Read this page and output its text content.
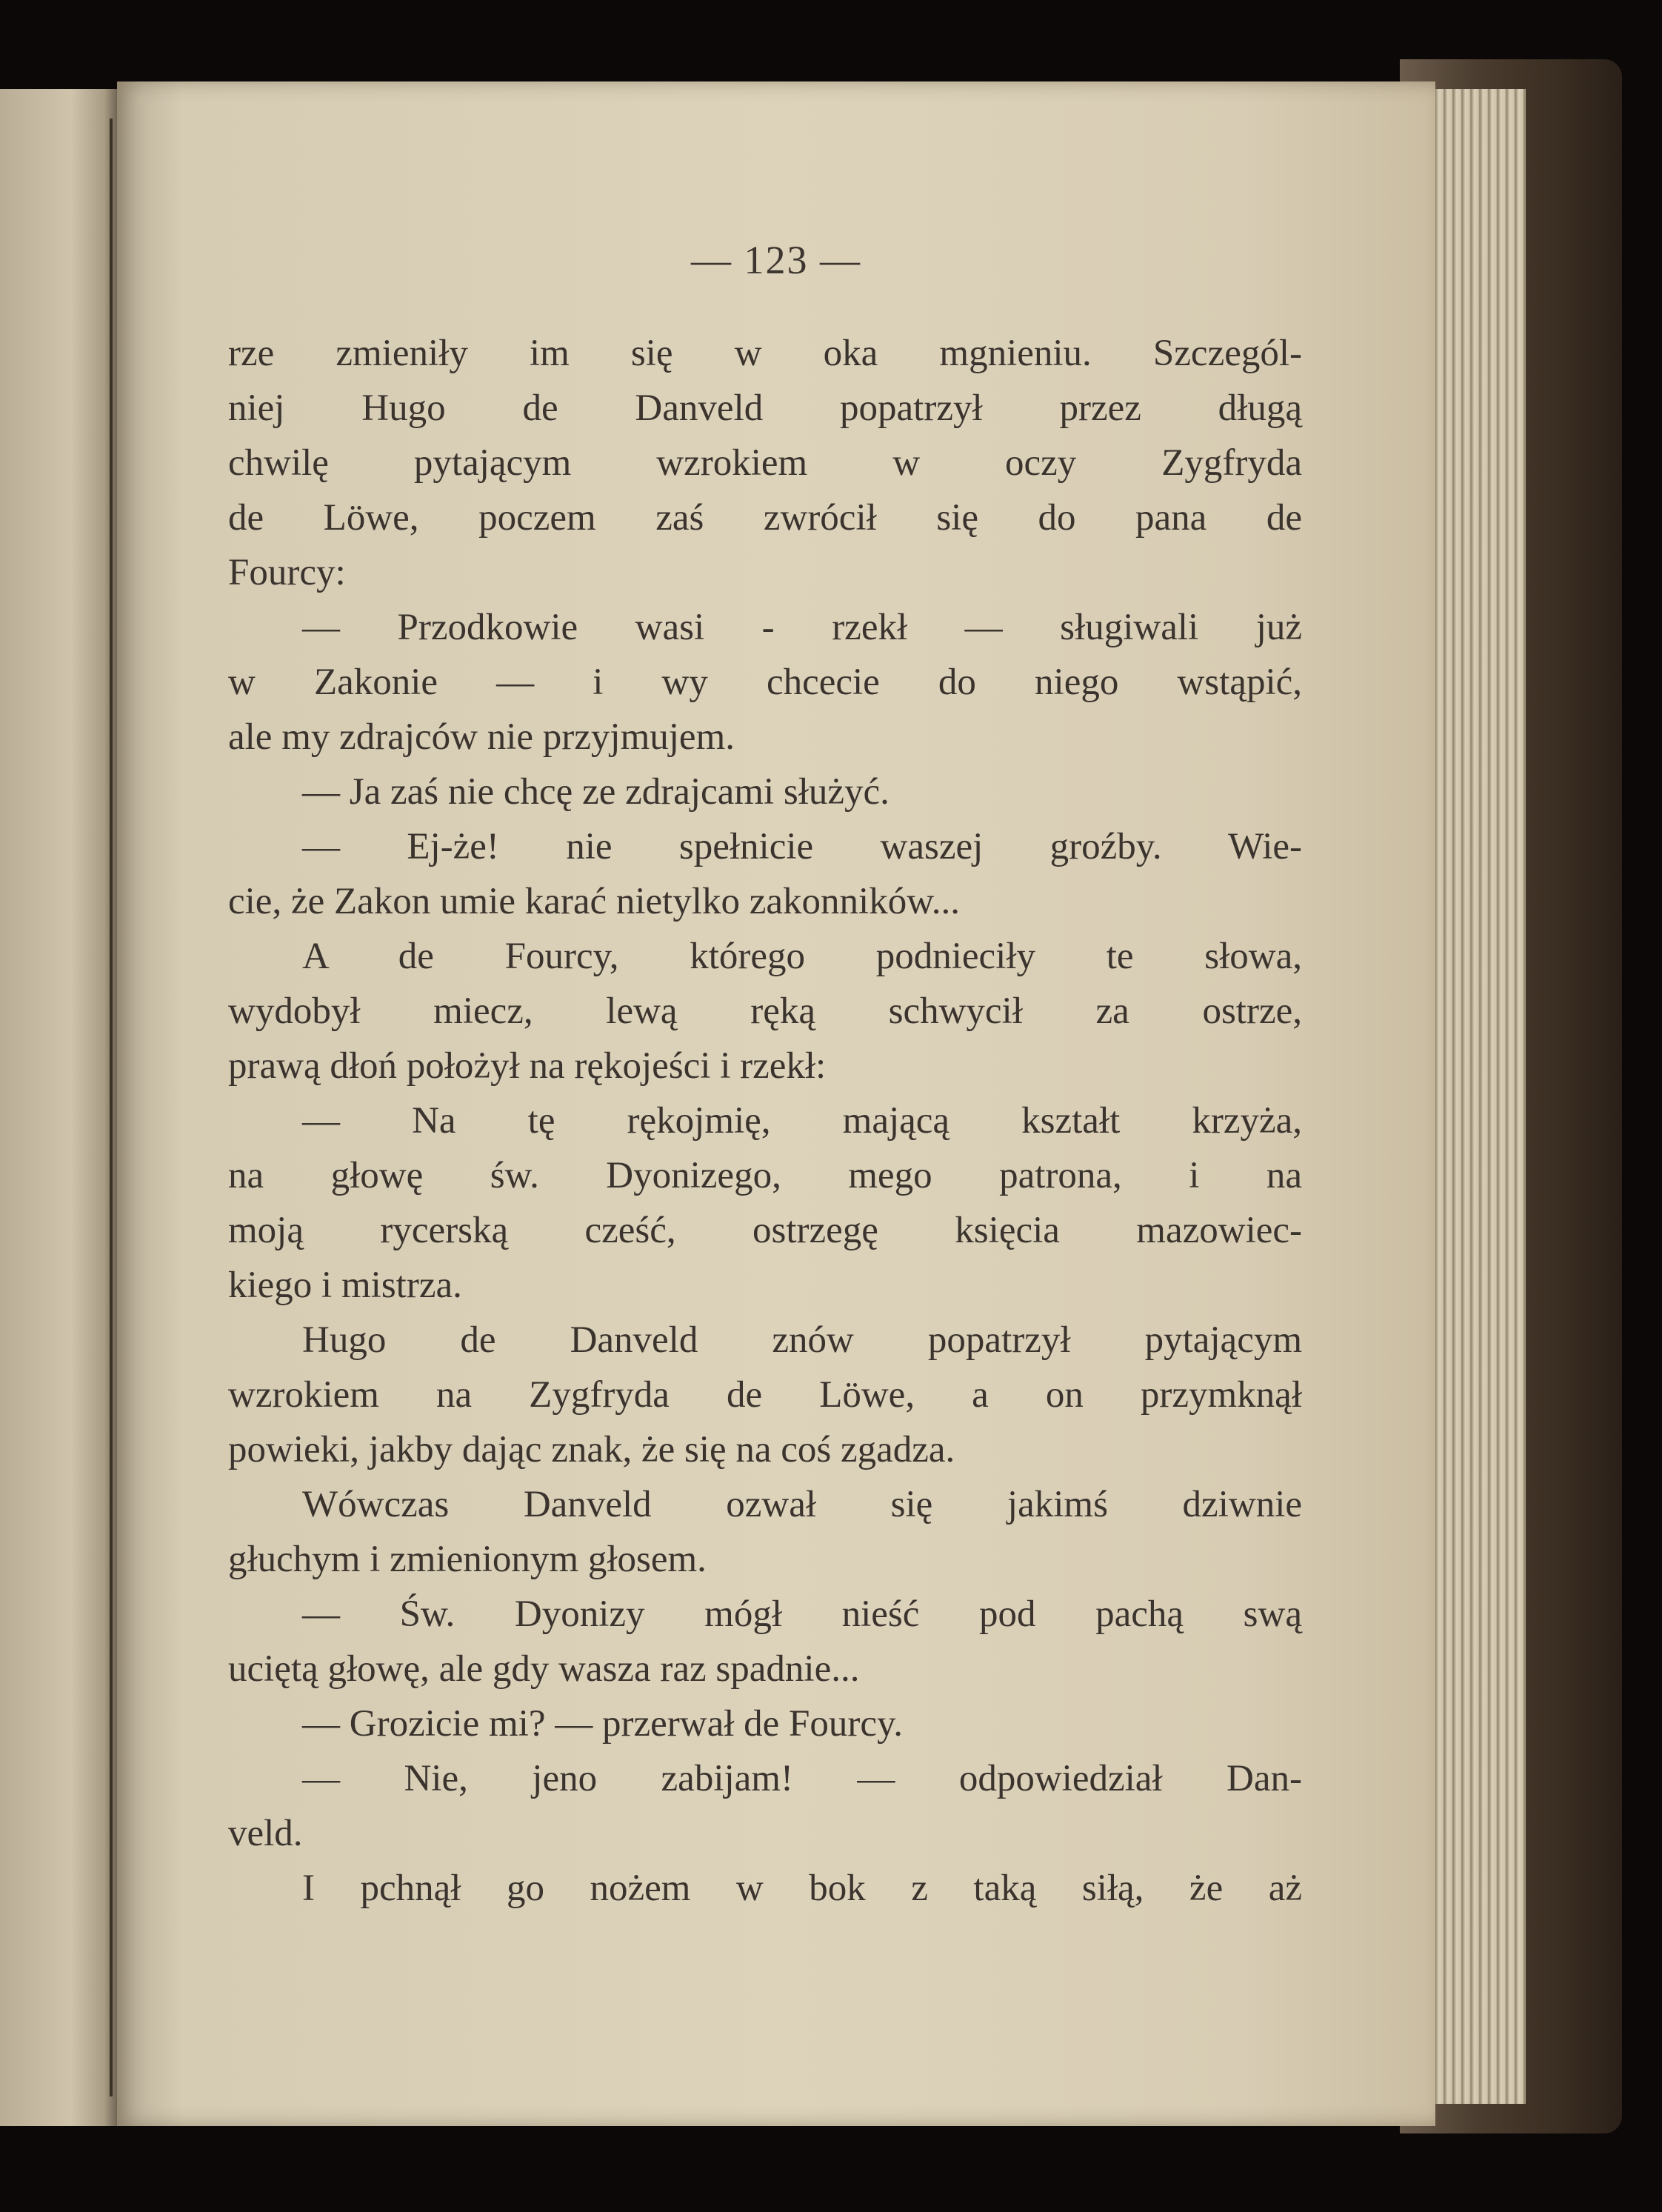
— 123 —

rze zmieniły im się w oka mgnieniu. Szczegól-
niej Hugo de Danveld popatrzył przez długą
chwilę pytającym wzrokiem w oczy Zygfryda
de Löwe, poczem zaś zwrócił się do pana de
Fourcy:
— Przodkowie wasi - rzekł — sługiwali już
w Zakonie — i wy chcecie do niego wstąpić,
ale my zdrajców nie przyjmujem.
— Ja zaś nie chcę ze zdrajcami służyć.
— Ej-że! nie spełnicie waszej groźby. Wie-
cie, że Zakon umie karać nietylko zakonników...
A de Fourcy, którego podnieciły te słowa,
wydobył miecz, lewą ręką schwycił za ostrze,
prawą dłoń położył na rękojeści i rzekł:
— Na tę rękojmię, mającą kształt krzyża,
na głowę św. Dyonizego, mego patrona, i na
moją rycerską cześć, ostrzegę księcia mazowiec-
kiego i mistrza.
Hugo de Danveld znów popatrzył pytającym
wzrokiem na Zygfryda de Löwe, a on przymknął
powieki, jakby dając znak, że się na coś zgadza.
Wówczas Danveld ozwał się jakimś dziwnie
głuchym i zmienionym głosem.
— Św. Dyonizy mógł nieść pod pachą swą
uciętą głowę, ale gdy wasza raz spadnie...
— Grozicie mi? — przerwał de Fourcy.
— Nie, jeno zabijam! — odpowiedział Dan-
veld.
I pchnął go nożem w bok z taką siłą, że aż
